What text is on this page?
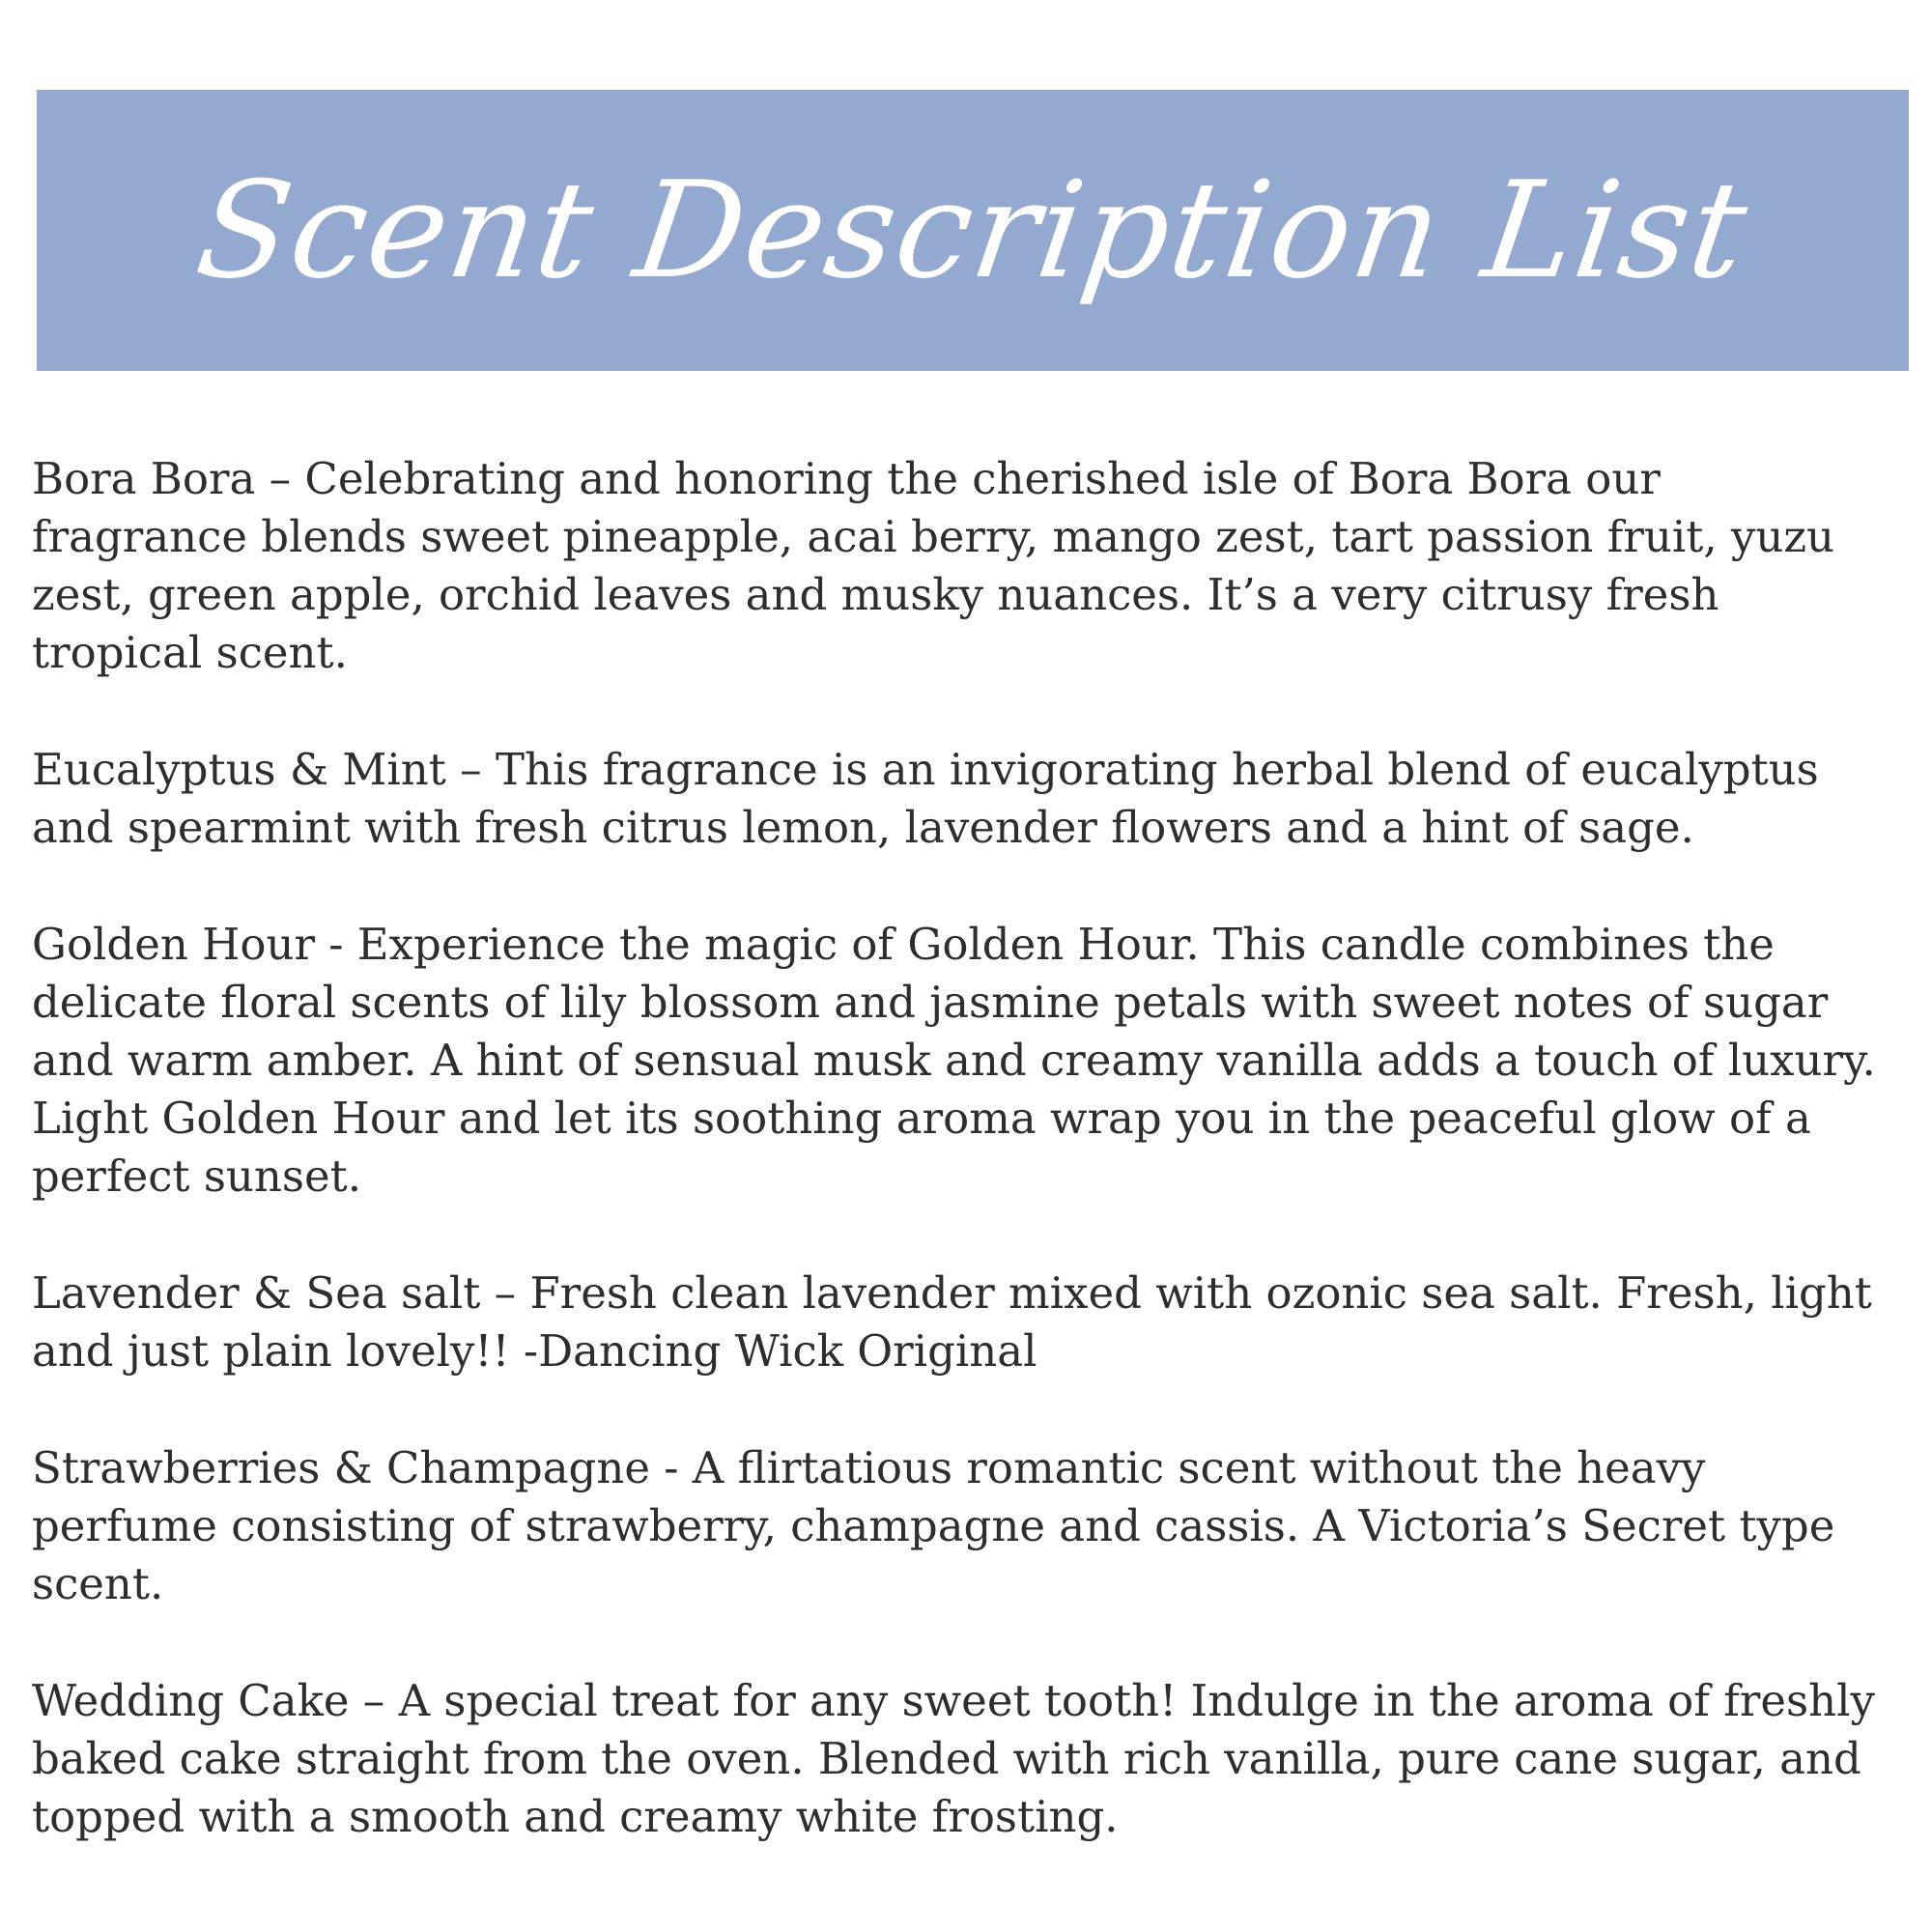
Scent Description List

Bora Bora – Celebrating and honoring the cherished isle of Bora Bora our
fragrance blends sweet pineapple, acai berry, mango zest, tart passion fruit, yuzu
zest, green apple, orchid leaves and musky nuances. It’s a very citrusy fresh
tropical scent.

Eucalyptus & Mint – This fragrance is an invigorating herbal blend of eucalyptus
and spearmint with fresh citrus lemon, lavender flowers and a hint of sage.

Golden Hour - Experience the magic of Golden Hour. This candle combines the
delicate floral scents of lily blossom and jasmine petals with sweet notes of sugar
and warm amber. A hint of sensual musk and creamy vanilla adds a touch of luxury.
Light Golden Hour and let its soothing aroma wrap you in the peaceful glow of a
perfect sunset.

Lavender & Sea salt – Fresh clean lavender mixed with ozonic sea salt. Fresh, light
and just plain lovely!! -Dancing Wick Original

Strawberries & Champagne - A flirtatious romantic scent without the heavy
perfume consisting of strawberry, champagne and cassis. A Victoria’s Secret type
scent.

Wedding Cake – A special treat for any sweet tooth! Indulge in the aroma of freshly
baked cake straight from the oven. Blended with rich vanilla, pure cane sugar, and
topped with a smooth and creamy white frosting.
